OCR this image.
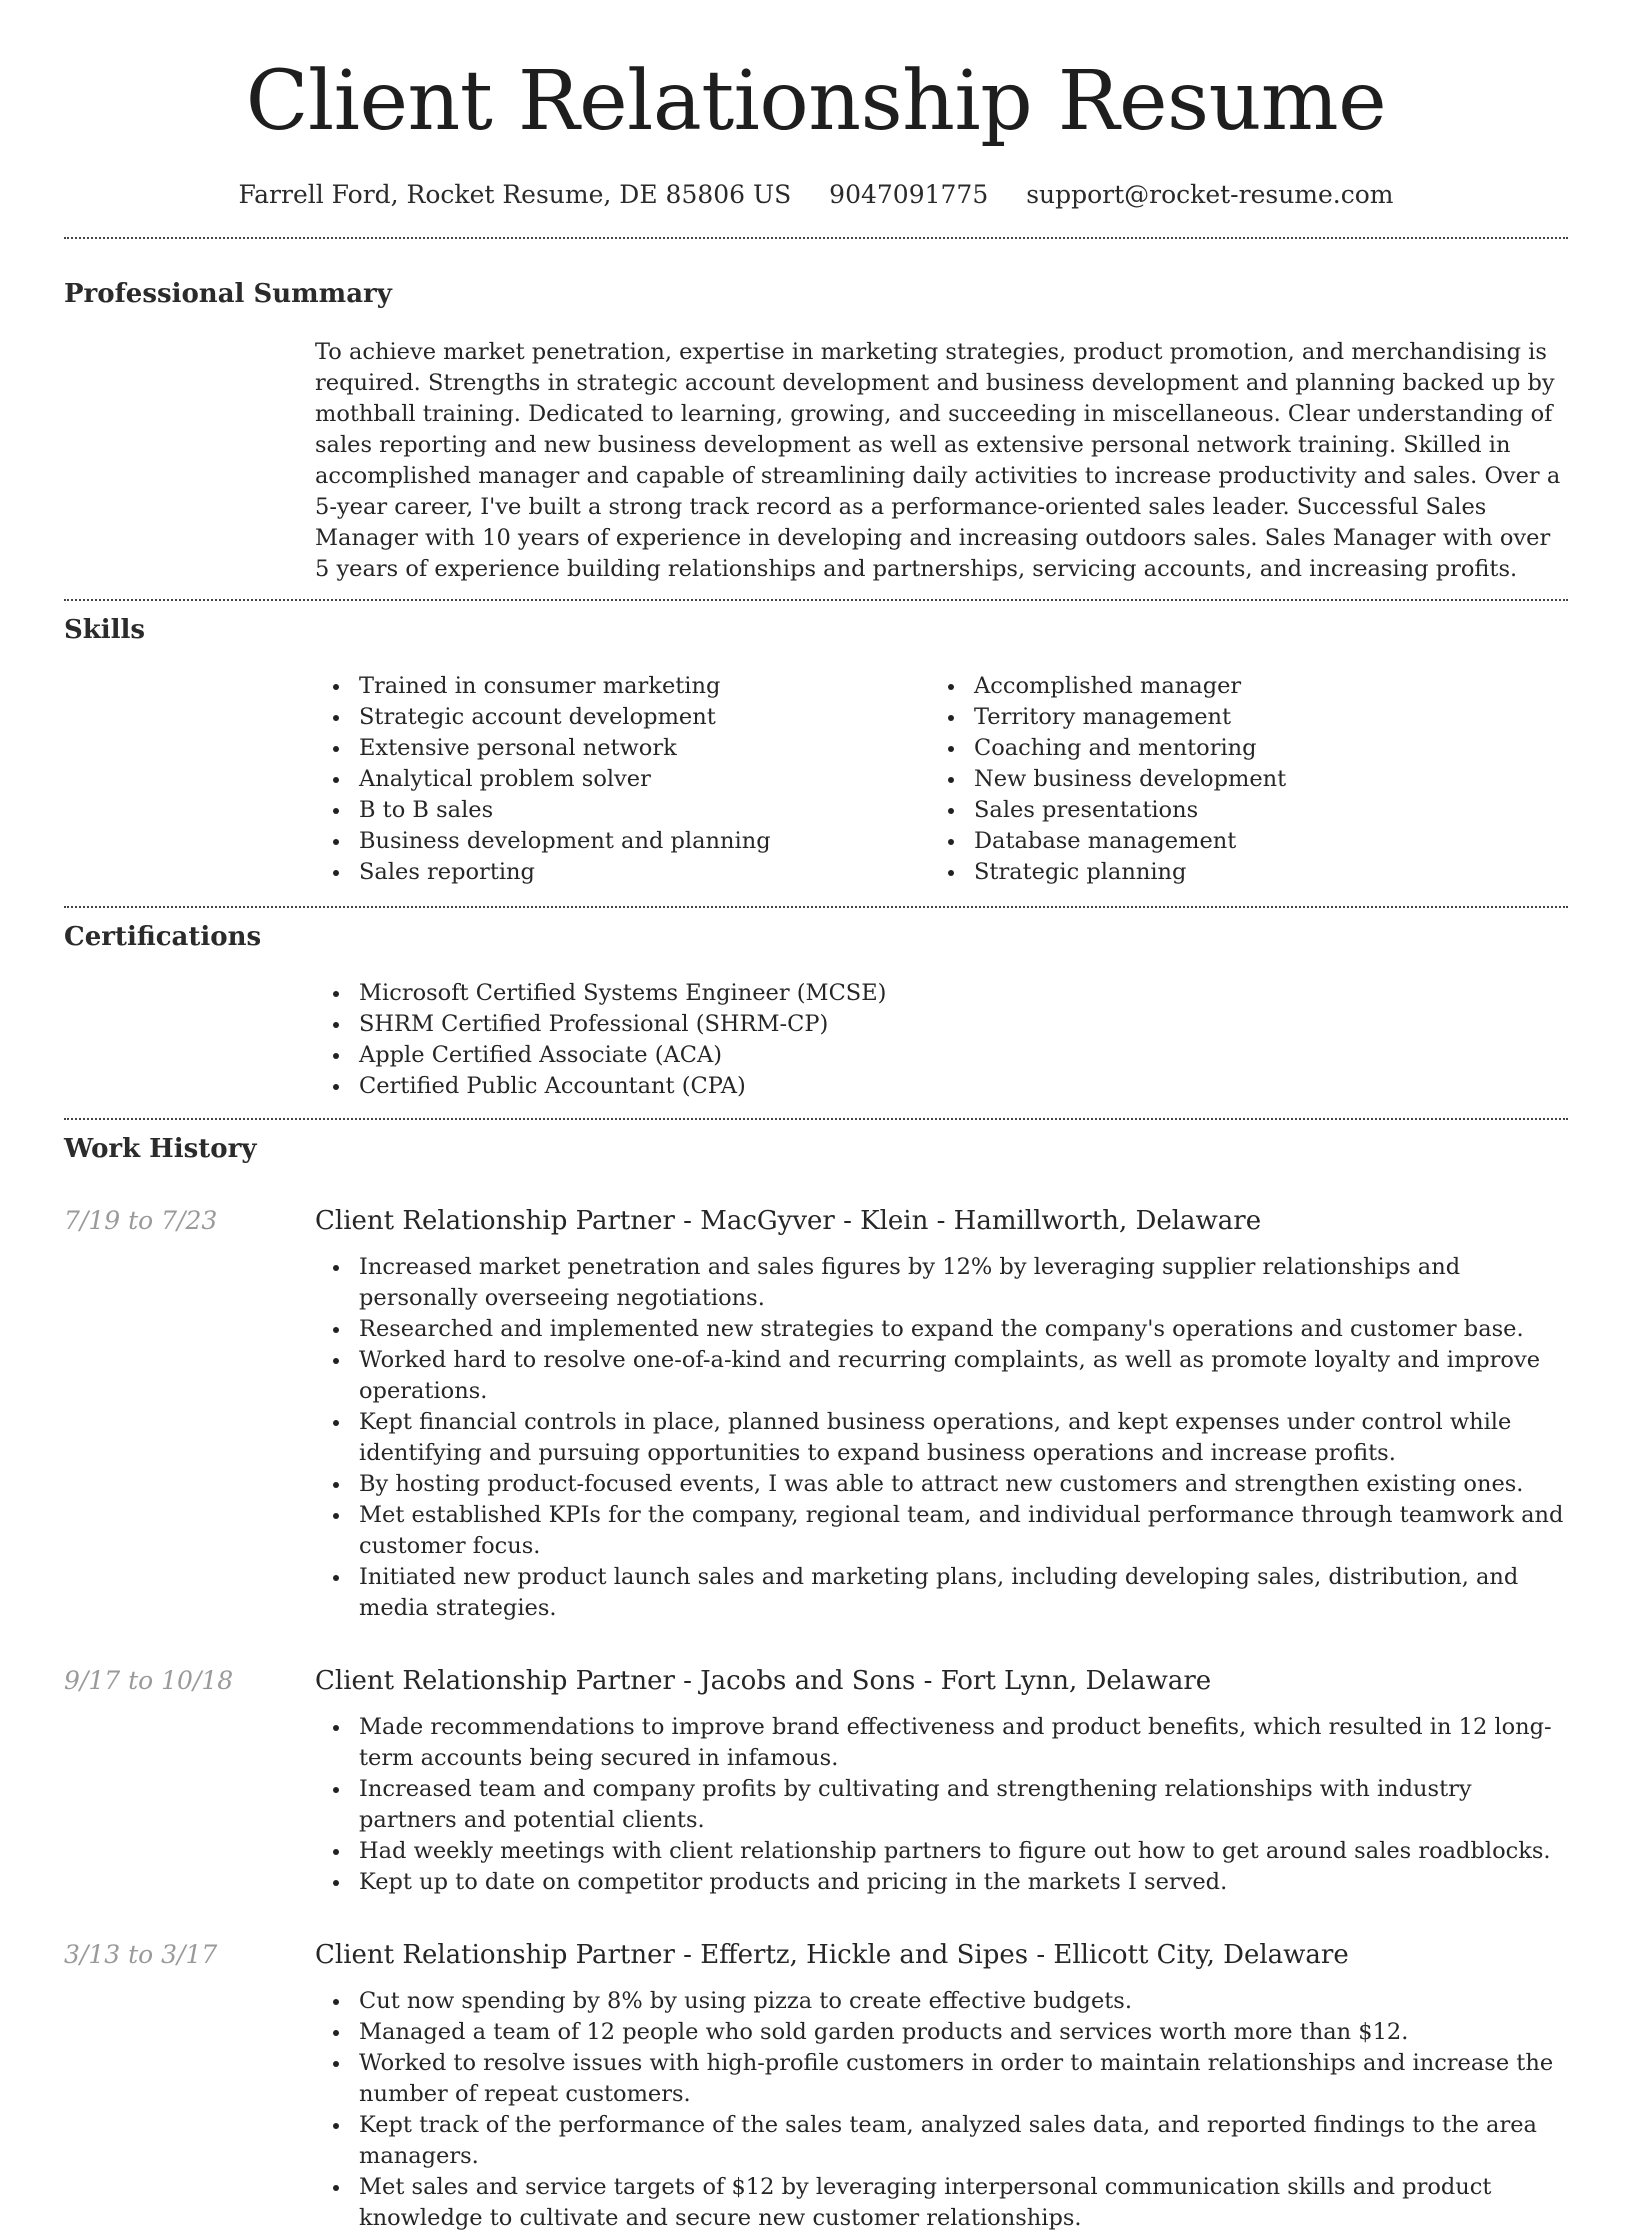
Client Relationship Resume
Farrell Ford, Rocket Resume, DE 85806 US 9047091775 support@rocket-resume.com
Professional Summary

To achieve market penetration, expertise in marketing strategies, product promotion, and merchandising is required. Strengths in strategic account development and business development and planning backed up by mothball training. Dedicated to learning, growing, and succeeding in miscellaneous. Clear understanding of sales reporting and new business development as well as extensive personal network training. Skilled in accomplished manager and capable of streamlining daily activities to increase productivity and sales. Over a 5-year career, I've built a strong track record as a performance-oriented sales leader. Successful Sales Manager with 10 years of experience in developing and increasing outdoors sales. Sales Manager with over 5 years of experience building relationships and partnerships, servicing accounts, and increasing profits.

Skills
Trained in consumer marketing
Strategic account development
Extensive personal network
Analytical problem solver
B to B sales
Business development and planning
Sales reporting
Accomplished manager
Territory management
Coaching and mentoring
New business development
Sales presentations
Database management
Strategic planning
Certifications
Microsoft Certified Systems Engineer (MCSE)
SHRM Certified Professional (SHRM-CP)
Apple Certified Associate (ACA)
Certified Public Accountant (CPA)
Work History
7/19 to 7/23	Client Relationship Partner - MacGyver - Klein - Hamillworth, Delaware
Increased market penetration and sales figures by 12% by leveraging supplier relationships and personally overseeing negotiations.
Researched and implemented new strategies to expand the company's operations and customer base.
Worked hard to resolve one-of-a-kind and recurring complaints, as well as promote loyalty and improve operations.
Kept financial controls in place, planned business operations, and kept expenses under control while identifying and pursuing opportunities to expand business operations and increase profits.
By hosting product-focused events, I was able to attract new customers and strengthen existing ones.
Met established KPIs for the company, regional team, and individual performance through teamwork and customer focus.
Initiated new product launch sales and marketing plans, including developing sales, distribution, and media strategies.
9/17 to 10/18	Client Relationship Partner - Jacobs and Sons - Fort Lynn, Delaware
Made recommendations to improve brand effectiveness and product benefits, which resulted in 12 long-term accounts being secured in infamous.
Increased team and company profits by cultivating and strengthening relationships with industry partners and potential clients.
Had weekly meetings with client relationship partners to figure out how to get around sales roadblocks.
Kept up to date on competitor products and pricing in the markets I served.
3/13 to 3/17	Client Relationship Partner - Effertz, Hickle and Sipes - Ellicott City, Delaware
Cut now spending by 8% by using pizza to create effective budgets.
Managed a team of 12 people who sold garden products and services worth more than $12.
Worked to resolve issues with high-profile customers in order to maintain relationships and increase the number of repeat customers.
Kept track of the performance of the sales team, analyzed sales data, and reported findings to the area managers.
Met sales and service targets of $12 by leveraging interpersonal communication skills and product knowledge to cultivate and secure new customer relationships.
